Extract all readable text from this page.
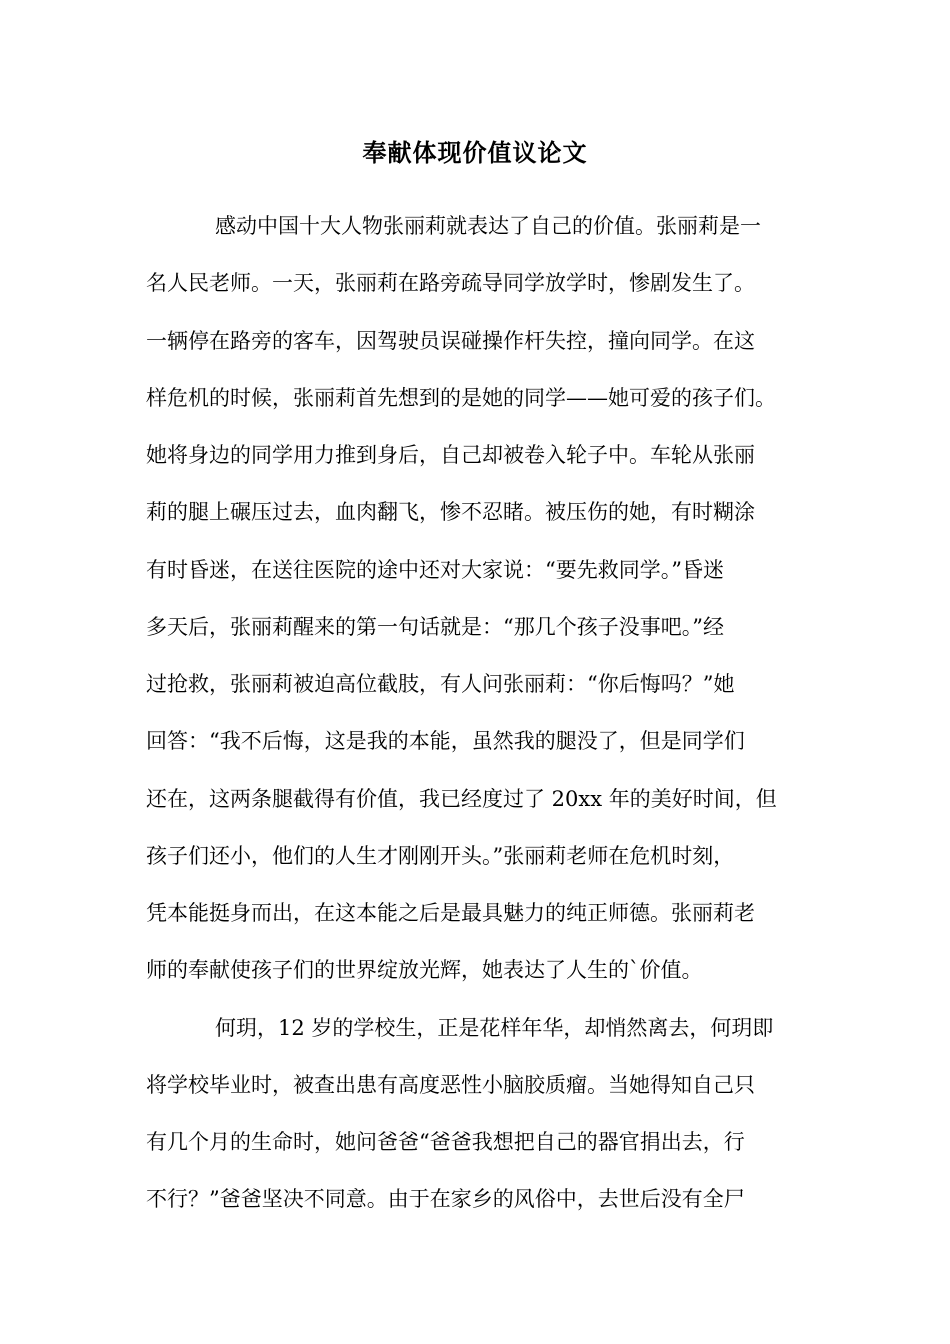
奉献体现价值议论文
感动中国十大人物张丽莉就表达了自己的价值。张丽莉是一
名人民老师。一天，张丽莉在路旁疏导同学放学时，惨剧发生了。
一辆停在路旁的客车，因驾驶员误碰操作杆失控，撞向同学。在这
样危机的时候，张丽莉首先想到的是她的同学——她可爱的孩子们。
她将身边的同学用力推到身后，自己却被卷入轮子中。车轮从张丽
莉的腿上碾压过去，血肉翻飞，惨不忍睹。被压伤的她，有时糊涂
有时昏迷，在送往医院的途中还对大家说：“要先救同学。”昏迷
多天后，张丽莉醒来的第一句话就是：“那几个孩子没事吧。”经
过抢救，张丽莉被迫高位截肢，有人问张丽莉：“你后悔吗？”她
回答：“我不后悔，这是我的本能，虽然我的腿没了，但是同学们
还在，这两条腿截得有价值，我已经度过了 20xx 年的美好时间，但
孩子们还小，他们的人生才刚刚开头。”张丽莉老师在危机时刻，
凭本能挺身而出，在这本能之后是最具魅力的纯正师德。张丽莉老
师的奉献使孩子们的世界绽放光辉，她表达了人生的`价值。
何玥，12 岁的学校生，正是花样年华，却悄然离去，何玥即
将学校毕业时，被查出患有高度恶性小脑胶质瘤。当她得知自己只
有几个月的生命时，她问爸爸“爸爸我想把自己的器官捐出去，行
不行？”爸爸坚决不同意。由于在家乡的风俗中，去世后没有全尸
